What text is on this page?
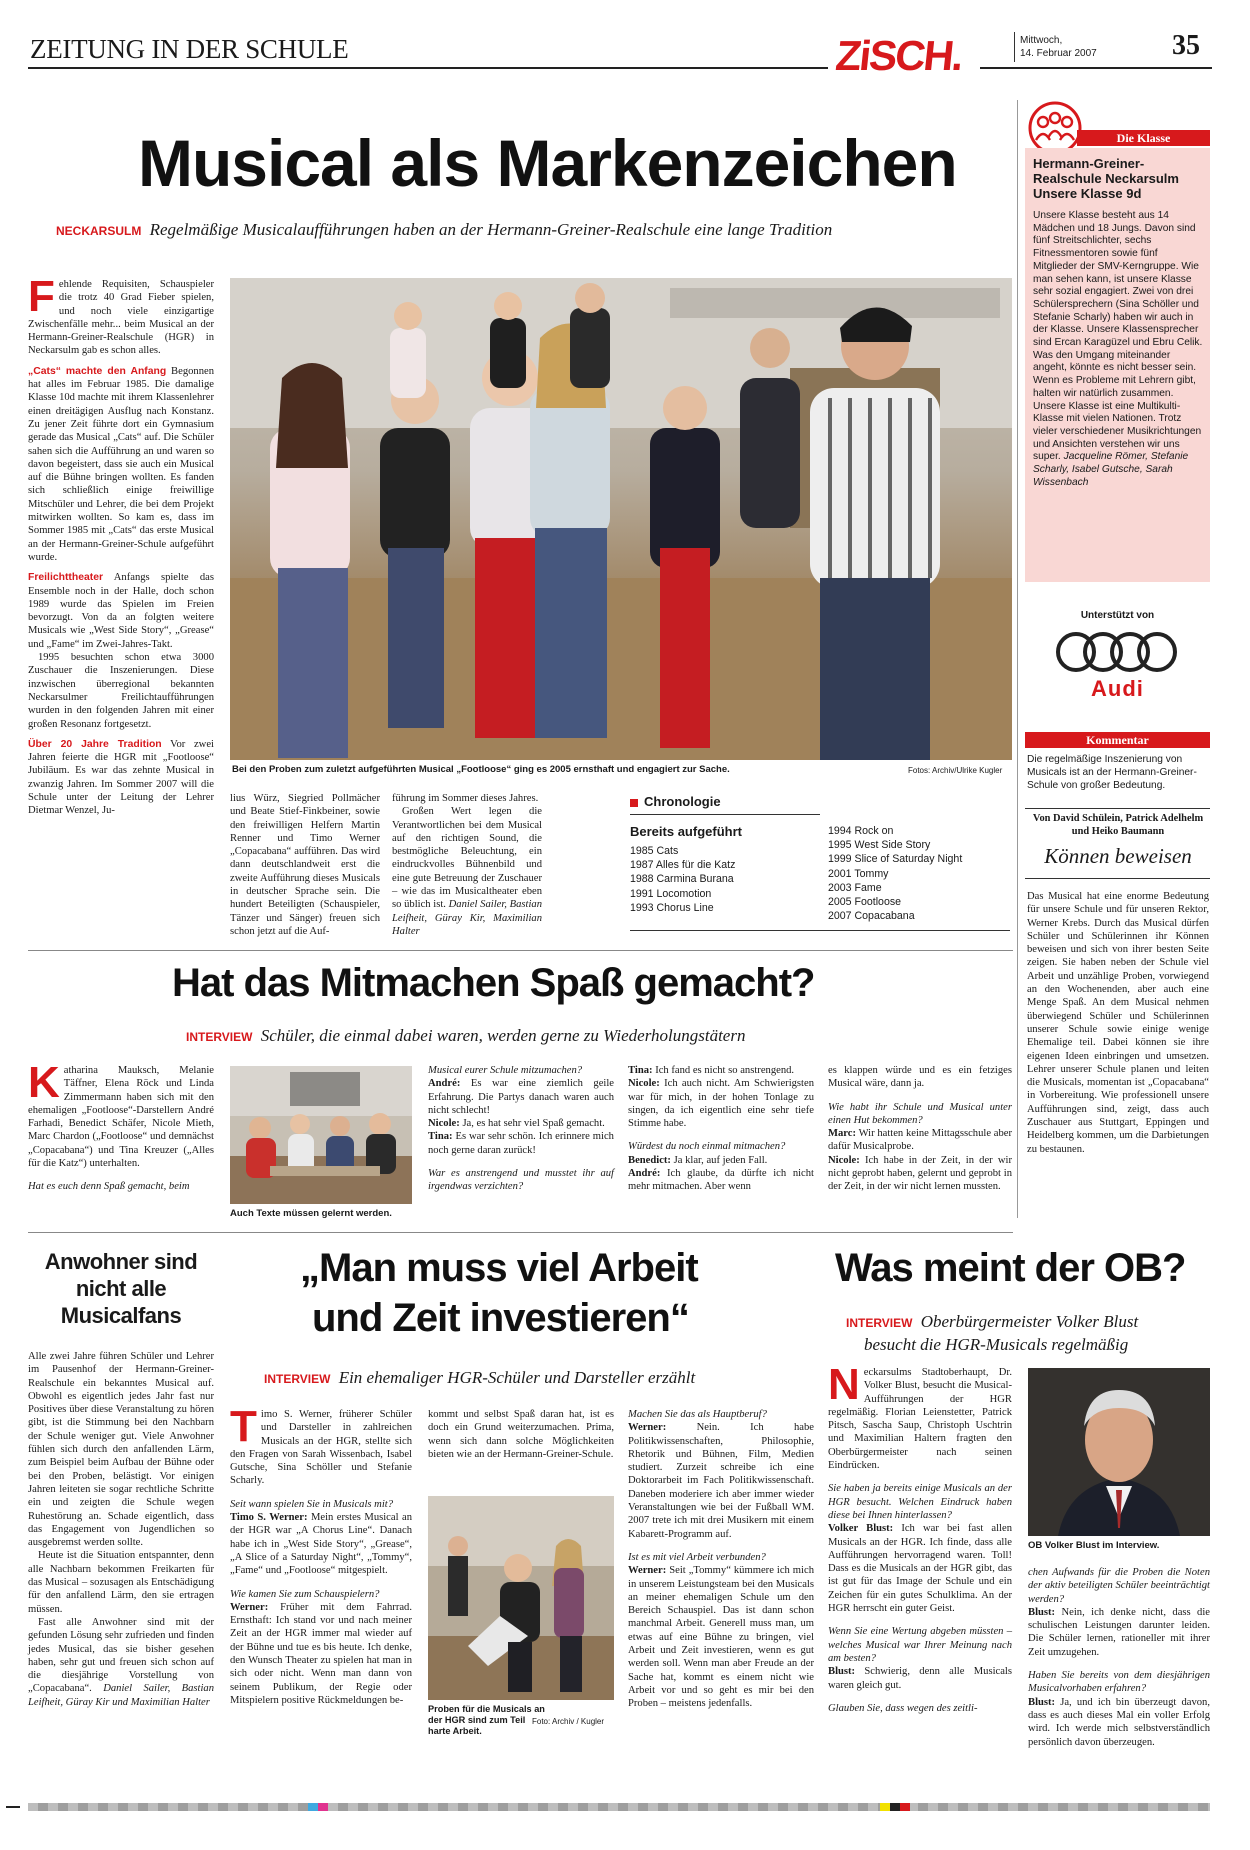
ZEITUNG IN DER SCHULE	ZiSCH.	Mittwoch,
14. Februar 2007	35
Musical als Markenzeichen
NECKARSULM Regelmäßige Musicalaufführungen haben an der Hermann-Greiner-Realschule eine lange Tradition

Fehlende Requisiten, Schauspieler die trotz 40 Grad Fieber spielen, und noch viele einzigartige Zwischenfälle mehr... beim Musical an der Hermann-Greiner-Realschule (HGR) in Neckarsulm gab es schon alles.

„Cats“ machte den Anfang Begonnen hat alles im Februar 1985. Die damalige Klasse 10d machte mit ihrem Klassenlehrer einen dreitägigen Ausflug nach Konstanz. Zu jener Zeit führte dort ein Gymnasium gerade das Musical „Cats“ auf. Die Schüler sahen sich die Aufführung an und waren so davon begeistert, dass sie auch ein Musical auf die Bühne bringen wollten. Es fanden sich schließlich einige freiwillige Mitschüler und Lehrer, die bei dem Projekt mitwirken wollten. So kam es, dass im Sommer 1985 mit „Cats“ das erste Musical an der Hermann-Greiner-Schule aufgeführt wurde.

Freilichttheater Anfangs spielte das Ensemble noch in der Halle, doch schon 1989 wurde das Spielen im Freien bevorzugt. Von da an folgten weitere Musicals wie „West Side Story“, „Grease“ und „Fame“ im Zwei-Jahres-Takt.

1995 besuchten schon etwa 3000 Zuschauer die Inszenierungen. Diese inzwischen überregional bekannten Neckarsulmer Freilichtaufführungen wurden in den folgenden Jahren mit einer großen Resonanz fortgesetzt.

Über 20 Jahre Tradition Vor zwei Jahren feierte die HGR mit „Footloose“ Jubiläum. Es war das zehnte Musical in zwanzig Jahren. Im Sommer 2007 will die Schule unter der Leitung der Lehrer Dietmar Wenzel, Ju-

Bei den Proben zum zuletzt aufgeführten Musical „Footloose“ ging es 2005 ernsthaft und engagiert zur Sache.	Fotos: Archiv/Ulrike Kugler

lius Würz, Siegried Pollmächer und Beate Stief-Finkbeiner, sowie den freiwilligen Helfern Martin Renner und Timo Werner „Copacabana“ aufführen. Das wird dann deutschlandweit erst die zweite Aufführung dieses Musicals in deutscher Sprache sein. Die hundert Beteiligten (Schauspieler, Tänzer und Sänger) freuen sich schon jetzt auf die Auf-

führung im Sommer dieses Jahres.

Großen Wert legen die Verantwortlichen bei dem Musical auf den richtigen Sound, die bestmögliche Beleuchtung, ein eindruckvolles Bühnenbild und eine gute Betreuung der Zuschauer – wie das im Musicaltheater eben so üblich ist. Daniel Sailer, Bastian Leifheit, Güray Kir, Maximilian Halter

Chronologie
Bereits aufgeführt
1985 Cats
1987 Alles für die Katz
1988 Carmina Burana
1991 Locomotion
1993 Chorus Line
1994 Rock on
1995 West Side Story
1999 Slice of Saturday Night
2001 Tommy
2003 Fame
2005 Footloose
2007 Copacabana
Die Klasse
Hermann-Greiner-Realschule Neckarsulm Unsere Klasse 9d
Unsere Klasse besteht aus 14 Mädchen und 18 Jungs. Davon sind fünf Streitschlichter, sechs Fitnessmentoren sowie fünf Mitglieder der SMV-Kerngruppe. Wie man sehen kann, ist unsere Klasse sehr sozial engagiert. Zwei von drei Schülersprechern (Sina Schöller und Stefanie Scharly) haben wir auch in der Klasse. Unsere Klassensprecher sind Ercan Karagüzel und Ebru Celik. Was den Umgang miteinander angeht, könnte es nicht besser sein. Wenn es Probleme mit Lehrern gibt, halten wir natürlich zusammen. Unsere Klasse ist eine Multikulti-Klasse mit vielen Nationen. Trotz vieler verschiedener Musikrichtungen und Ansichten verstehen wir uns super. Jacqueline Römer, Stefanie Scharly, Isabel Gutsche, Sarah Wissenbach
Unterstützt von
Audi
Kommentar
Die regelmäßige Inszenierung von Musicals ist an der Hermann-Greiner-Schule von großer Bedeutung.
Von David Schülein, Patrick Adelhelm und Heiko Baumann
Können beweisen
Das Musical hat eine enorme Bedeutung für unsere Schule und für unseren Rektor, Werner Krebs. Durch das Musical dürfen Schüler und Schülerinnen ihr Können beweisen und sich von ihrer besten Seite zeigen. Sie haben neben der Schule viel Arbeit und unzählige Proben, vorwiegend an den Wochenenden, aber auch eine Menge Spaß. An dem Musical nehmen überwiegend Schüler und Schülerinnen unserer Schule sowie einige wenige Ehemalige teil. Dabei können sie ihre eigenen Ideen einbringen und umsetzen. Lehrer unserer Schule planen und leiten die Musicals, momentan ist „Copacabana“ in Vorbereitung. Wie professionell unsere Aufführungen sind, zeigt, dass auch Zuschauer aus Stuttgart, Eppingen und Heidelberg kommen, um die Darbietungen zu bestaunen.
Hat das Mitmachen Spaß gemacht?
INTERVIEW Schüler, die einmal dabei waren, werden gerne zu Wiederholungstätern

Katharina Mauksch, Melanie Täffner, Elena Röck und Linda Zimmermann haben sich mit den ehemaligen „Footloose“-Darstellern André Farhadi, Benedict Schäfer, Nicole Mieth, Marc Chardon („Footloose“ und demnächst „Copacabana“) und Tina Kreuzer („Alles für die Katz“) unterhalten.

Hat es euch denn Spaß gemacht, beim

Auch Texte müssen gelernt werden.

Musical eurer Schule mitzumachen?

André: Es war eine ziemlich geile Erfahrung. Die Partys danach waren auch nicht schlecht!

Nicole: Ja, es hat sehr viel Spaß gemacht.

Tina: Es war sehr schön. Ich erinnere mich noch gerne daran zurück!

War es anstrengend und musstet ihr auf irgendwas verzichten?

Tina: Ich fand es nicht so anstrengend.

Nicole: Ich auch nicht. Am Schwierigsten war für mich, in der hohen Tonlage zu singen, da ich eigentlich eine sehr tiefe Stimme habe.

Würdest du noch einmal mitmachen?

Benedict: Ja klar, auf jeden Fall.

André: Ich glaube, da dürfte ich nicht mehr mitmachen. Aber wenn

es klappen würde und es ein fetziges Musical wäre, dann ja.

Wie habt ihr Schule und Musical unter einen Hut bekommen?

Marc: Wir hatten keine Mittagsschule aber dafür Musicalprobe.

Nicole: Ich habe in der Zeit, in der wir nicht geprobt haben, gelernt und geprobt in der Zeit, in der wir nicht lernen mussten.

Anwohner sind nicht alle Musicalfans

Alle zwei Jahre führen Schüler und Lehrer im Pausenhof der Hermann-Greiner-Realschule ein bekanntes Musical auf. Obwohl es eigentlich jedes Jahr fast nur Positives über diese Veranstaltung zu hören gibt, ist die Stimmung bei den Nachbarn der Schule weniger gut. Viele Anwohner fühlen sich durch den anfallenden Lärm, zum Beispiel beim Aufbau der Bühne oder bei den Proben, belästigt. Vor einigen Jahren leiteten sie sogar rechtliche Schritte ein und zeigten die Schule wegen Ruhestörung an. Schade eigentlich, dass das Engagement von Jugendlichen so ausgebremst werden sollte.

Heute ist die Situation entspannter, denn alle Nachbarn bekommen Freikarten für das Musical – sozusagen als Entschädigung für den anfallend Lärm, den sie ertragen müssen.

Fast alle Anwohner sind mit der gefunden Lösung sehr zufrieden und finden jedes Musical, das sie bisher gesehen haben, sehr gut und freuen sich schon auf die diesjährige Vorstellung von „Copacabana“. Daniel Sailer, Bastian Leifheit, Güray Kir und Maximilian Halter

„Man muss viel Arbeit
und Zeit investieren“
INTERVIEW Ein ehemaliger HGR-Schüler und Darsteller erzählt

Timo S. Werner, früherer Schüler und Darsteller in zahlreichen Musicals an der HGR, stellte sich den Fragen von Sarah Wissenbach, Isabel Gutsche, Sina Schöller und Stefanie Scharly.

Seit wann spielen Sie in Musicals mit?

Timo S. Werner: Mein erstes Musical an der HGR war „A Chorus Line“. Danach habe ich in „West Side Story“, „Grease“, „A Slice of a Saturday Night“, „Tommy“, „Fame“ und „Footloose“ mitgespielt.

Wie kamen Sie zum Schauspielern?

Werner: Früher mit dem Fahrrad. Ernsthaft: Ich stand vor und nach meiner Zeit an der HGR immer mal wieder auf der Bühne und tue es bis heute. Ich denke, den Wunsch Theater zu spielen hat man in sich oder nicht. Wenn man dann von seinem Publikum, der Regie oder Mitspielern positive Rückmeldungen be-

kommt und selbst Spaß daran hat, ist es doch ein Grund weiterzumachen. Prima, wenn sich dann solche Möglichkeiten bieten wie an der Hermann-Greiner-Schule.

Proben für die Musicals an der HGR sind zum Teil harte Arbeit.
Foto: Archiv / Kugler

Machen Sie das als Hauptberuf?

Werner:	Nein. Ich habe Politikwissenschaften, Philosophie, Rhetorik und Bühnen, Film, Medien studiert. Zurzeit schreibe ich eine Doktorarbeit im Fach Politikwissenschaft. Daneben moderiere ich aber immer wieder Veranstaltungen wie bei der Fußball WM. 2007 trete ich mit drei Musikern mit einem Kabarett-Programm auf.

Ist es mit viel Arbeit verbunden?

Werner: Seit „Tommy“ kümmere ich mich in unserem Leistungsteam bei den Musicals an meiner ehemaligen Schule um den Bereich Schauspiel. Das ist dann schon manchmal Arbeit. Generell muss man, um etwas auf eine Bühne zu bringen, viel Arbeit und Zeit investieren, wenn es gut werden soll. Wenn man aber Freude an der Sache hat, kommt es einem nicht wie Arbeit vor und so geht es mir bei den Proben – meistens jedenfalls.

Was meint der OB?
INTERVIEW Oberbürgermeister Volker Blust
besucht die HGR-Musicals regelmäßig

Neckarsulms Stadtoberhaupt, Dr. Volker Blust, besucht die Musical-Aufführungen der HGR regelmäßig. Florian Leienstetter, Patrick Pitsch, Sascha Saup, Christoph Uschtrin und Maximilian Haltern fragten den Oberbürgermeister nach seinen Eindrücken.

Sie haben ja bereits einige Musicals an der HGR besucht. Welchen Eindruck haben diese bei Ihnen hinterlassen?

Volker Blust: Ich war bei fast allen Musicals an der HGR. Ich finde, dass alle Aufführungen hervorragend waren. Toll! Dass es die Musicals an der HGR gibt, das ist gut für das Image der Schule und ein Zeichen für ein gutes Schulklima. An der HGR herrscht ein guter Geist.

Wenn Sie eine Wertung abgeben müssten – welches Musical war Ihrer Meinung nach am besten?

Blust: Schwierig, denn alle Musicals waren gleich gut.

Glauben Sie, dass wegen des zeitli-

OB Volker Blust im Interview.

chen Aufwands für die Proben die Noten der aktiv beteiligten Schüler beeinträchtigt werden?

Blust: Nein, ich denke nicht, dass die schulischen Leistungen darunter leiden. Die Schüler lernen, rationeller mit ihrer Zeit umzugehen.

Haben Sie bereits von dem diesjährigen Musicalvorhaben erfahren?

Blust: Ja, und ich bin überzeugt davon, dass es auch dieses Mal ein voller Erfolg wird. Ich werde mich selbstverständlich persönlich davon überzeugen.
